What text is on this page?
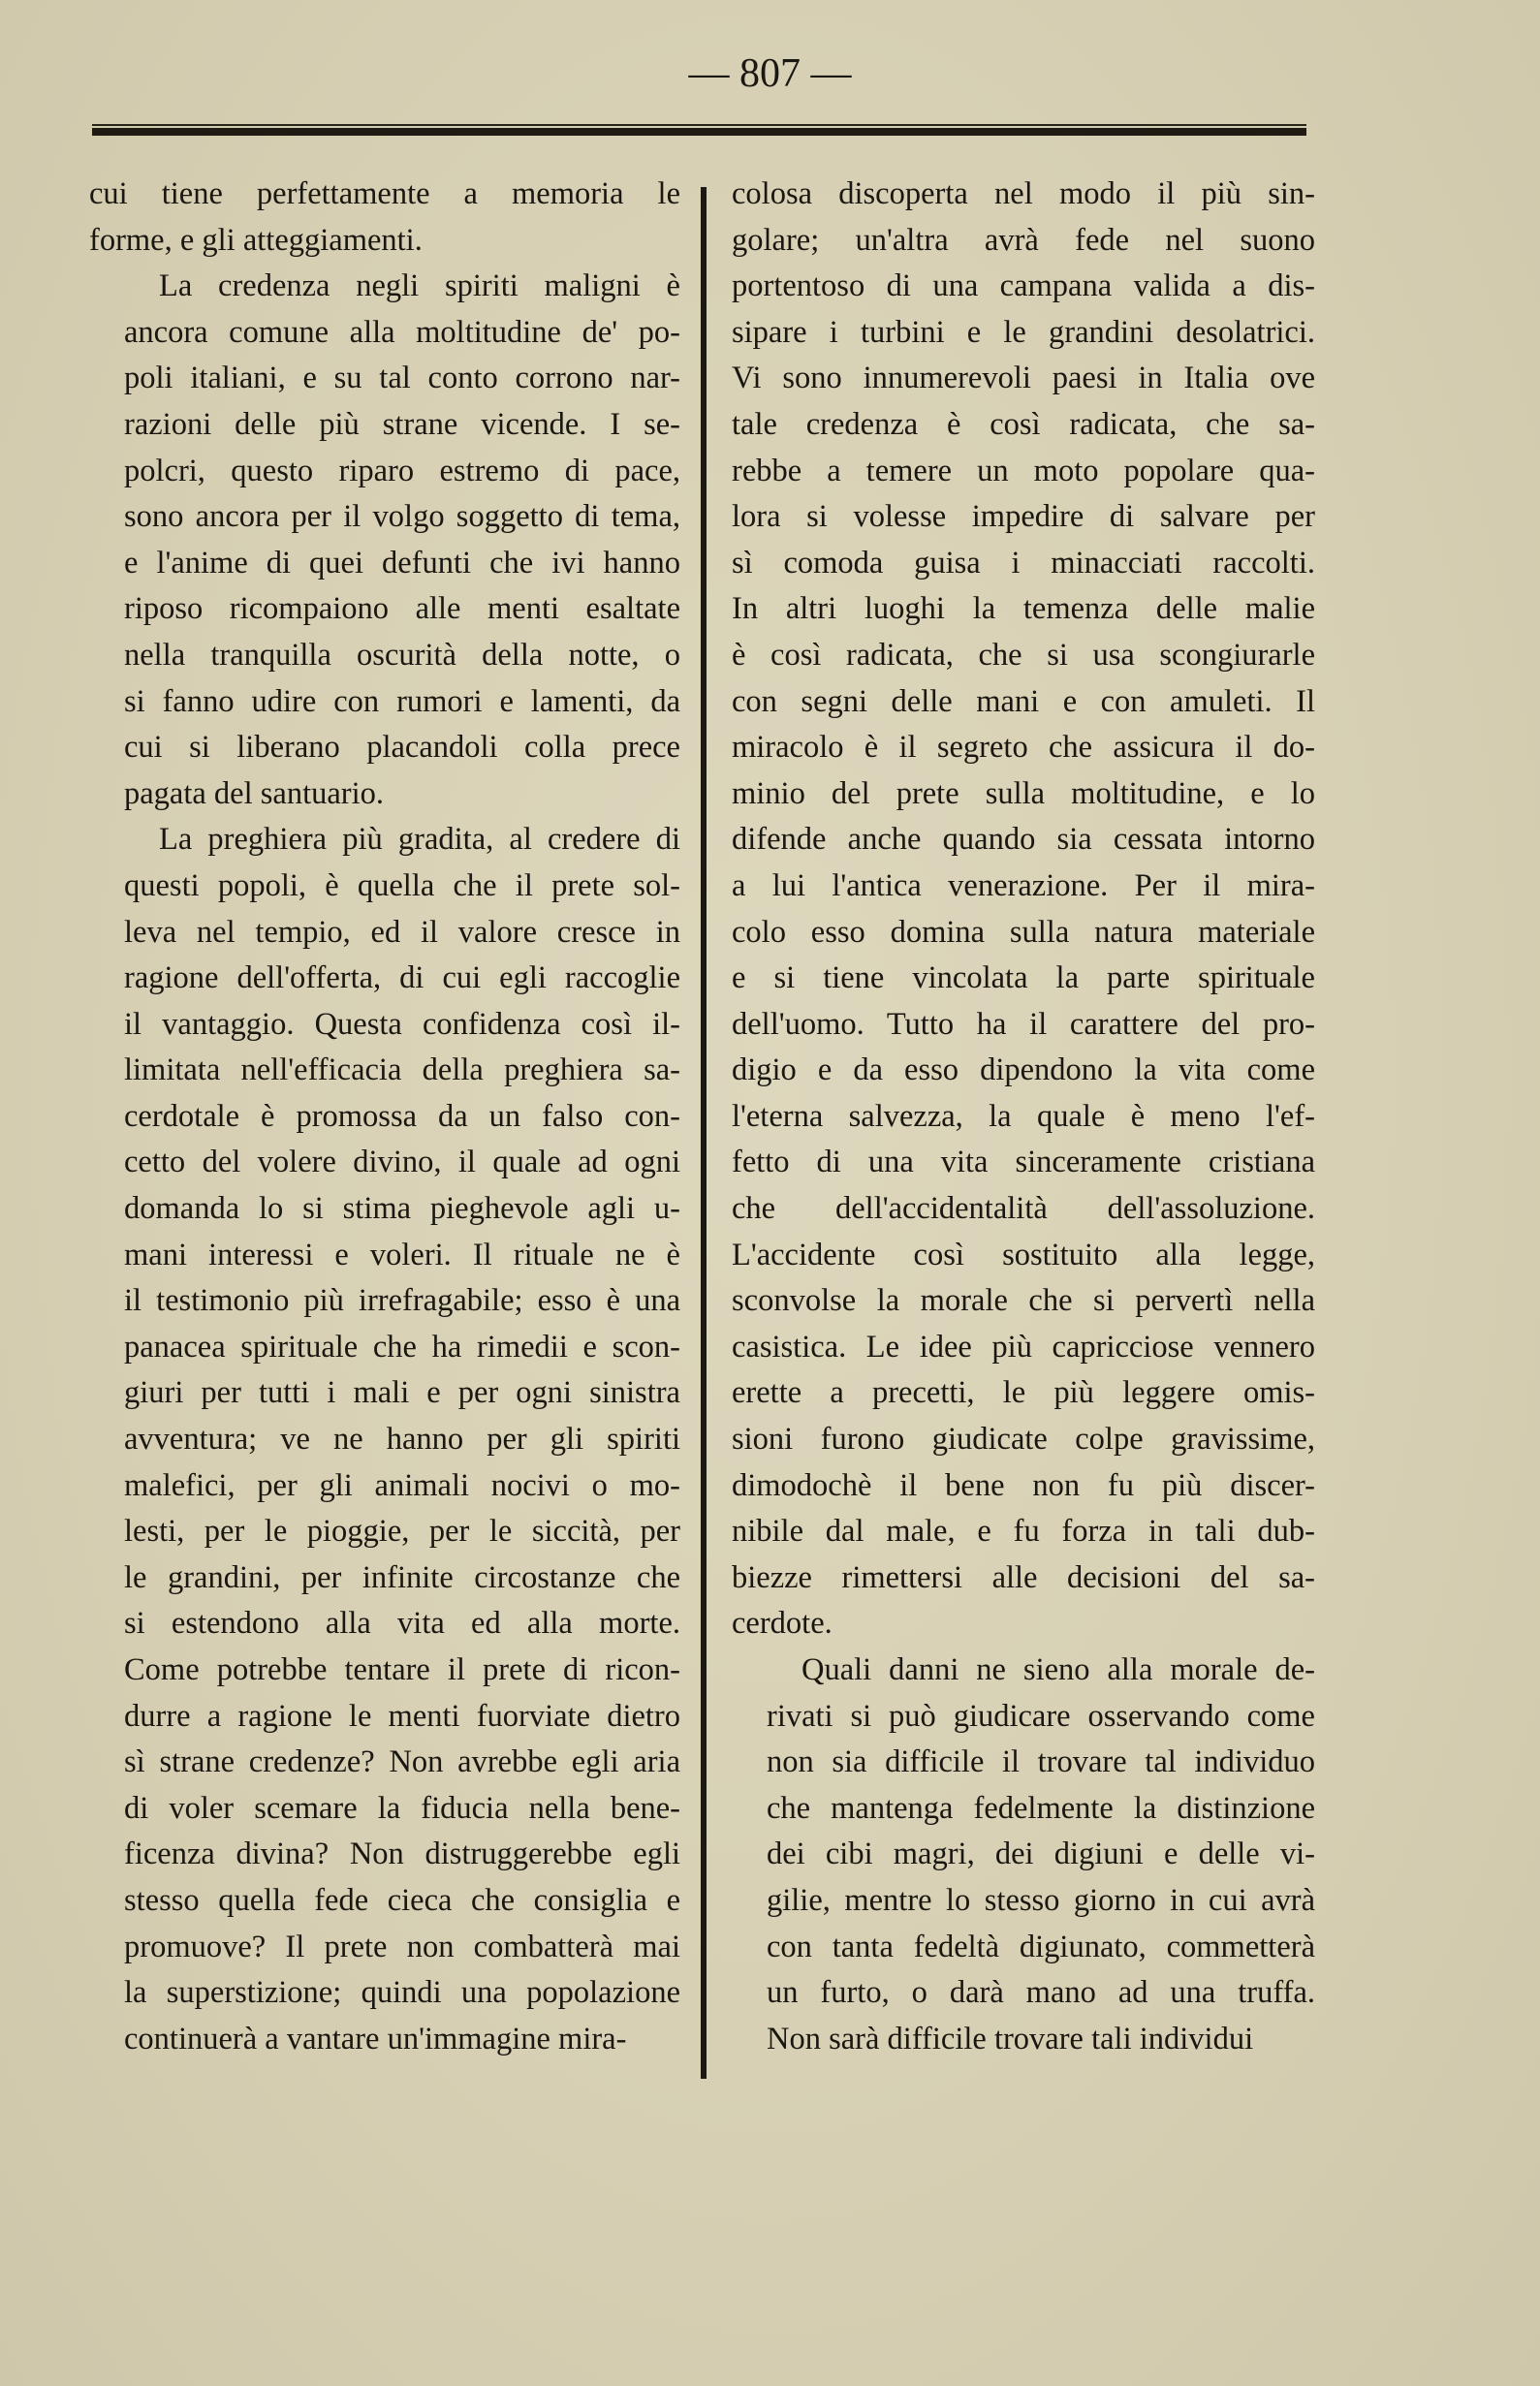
— 807 —

cui tiene perfettamente a memoria le
forme, e gli atteggiamenti.

La credenza negli spiriti maligni è
ancora comune alla moltitudine de' po-
poli italiani, e su tal conto corrono nar-
razioni delle più strane vicende. I se-
polcri, questo riparo estremo di pace,
sono ancora per il volgo soggetto di tema,
e l'anime di quei defunti che ivi hanno
riposo ricompaiono alle menti esaltate
nella tranquilla oscurità della notte, o
si fanno udire con rumori e lamenti, da
cui si liberano placandoli colla prece
pagata del santuario.

La preghiera più gradita, al credere di
questi popoli, è quella che il prete sol-
leva nel tempio, ed il valore cresce in
ragione dell'offerta, di cui egli raccoglie
il vantaggio. Questa confidenza così il-
limitata nell'efficacia della preghiera sa-
cerdotale è promossa da un falso con-
cetto del volere divino, il quale ad ogni
domanda lo si stima pieghevole agli u-
mani interessi e voleri. Il rituale ne è
il testimonio più irrefragabile; esso è una
panacea spirituale che ha rimedii e scon-
giuri per tutti i mali e per ogni sinistra
avventura; ve ne hanno per gli spiriti
malefici, per gli animali nocivi o mo-
lesti, per le pioggie, per le siccità, per
le grandini, per infinite circostanze che
si estendono alla vita ed alla morte.
Come potrebbe tentare il prete di ricon-
durre a ragione le menti fuorviate dietro
sì strane credenze? Non avrebbe egli aria
di voler scemare la fiducia nella bene-
ficenza divina? Non distruggerebbe egli
stesso quella fede cieca che consiglia e
promuove? Il prete non combatterà mai
la superstizione; quindi una popolazione
continuerà a vantare un'immagine mira-

colosa discoperta nel modo il più sin-
golare; un'altra avrà fede nel suono
portentoso di una campana valida a dis-
sipare i turbini e le grandini desolatrici.
Vi sono innumerevoli paesi in Italia ove
tale credenza è così radicata, che sa-
rebbe a temere un moto popolare qua-
lora si volesse impedire di salvare per
sì comoda guisa i minacciati raccolti.
In altri luoghi la temenza delle malie
è così radicata, che si usa scongiurarle
con segni delle mani e con amuleti. Il
miracolo è il segreto che assicura il do-
minio del prete sulla moltitudine, e lo
difende anche quando sia cessata intorno
a lui l'antica venerazione. Per il mira-
colo esso domina sulla natura materiale
e si tiene vincolata la parte spirituale
dell'uomo. Tutto ha il carattere del pro-
digio e da esso dipendono la vita come
l'eterna salvezza, la quale è meno l'ef-
fetto di una vita sinceramente cristiana
che dell'accidentalità dell'assoluzione.
L'accidente così sostituito alla legge,
sconvolse la morale che si pervertì nella
casistica. Le idee più capricciose vennero
erette a precetti, le più leggere omis-
sioni furono giudicate colpe gravissime,
dimodochè il bene non fu più discer-
nibile dal male, e fu forza in tali dub-
biezze rimettersi alle decisioni del sa-
cerdote.

Quali danni ne sieno alla morale de-
rivati si può giudicare osservando come
non sia difficile il trovare tal individuo
che mantenga fedelmente la distinzione
dei cibi magri, dei digiuni e delle vi-
gilie, mentre lo stesso giorno in cui avrà
con tanta fedeltà digiunato, commetterà
un furto, o darà mano ad una truffa.
Non sarà difficile trovare tali individui
